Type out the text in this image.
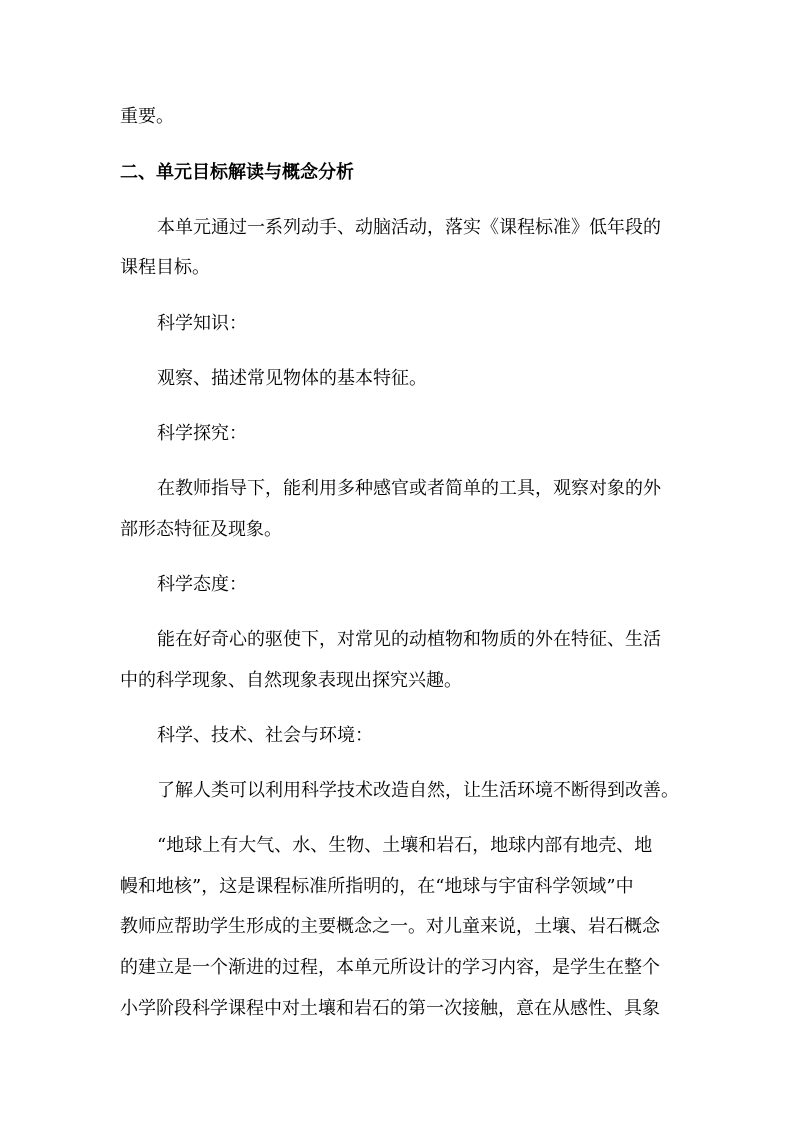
重要。
二、单元目标解读与概念分析
本单元通过一系列动手、动脑活动，落实《课程标准》低年段的
课程目标。
科学知识：
观察、描述常见物体的基本特征。
科学探究：
在教师指导下，能利用多种感官或者简单的工具，观察对象的外
部形态特征及现象。
科学态度：
能在好奇心的驱使下，对常见的动植物和物质的外在特征、生活
中的科学现象、自然现象表现出探究兴趣。
科学、技术、社会与环境：
了解人类可以利用科学技术改造自然，让生活环境不断得到改善。
“地球上有大气、水、生物、土壤和岩石，地球内部有地壳、地
幔和地核”，这是课程标准所指明的，在“地球与宇宙科学领域”中
教师应帮助学生形成的主要概念之一。对儿童来说，土壤、岩石概念
的建立是一个渐进的过程，本单元所设计的学习内容，是学生在整个
小学阶段科学课程中对土壤和岩石的第一次接触，意在从感性、具象
